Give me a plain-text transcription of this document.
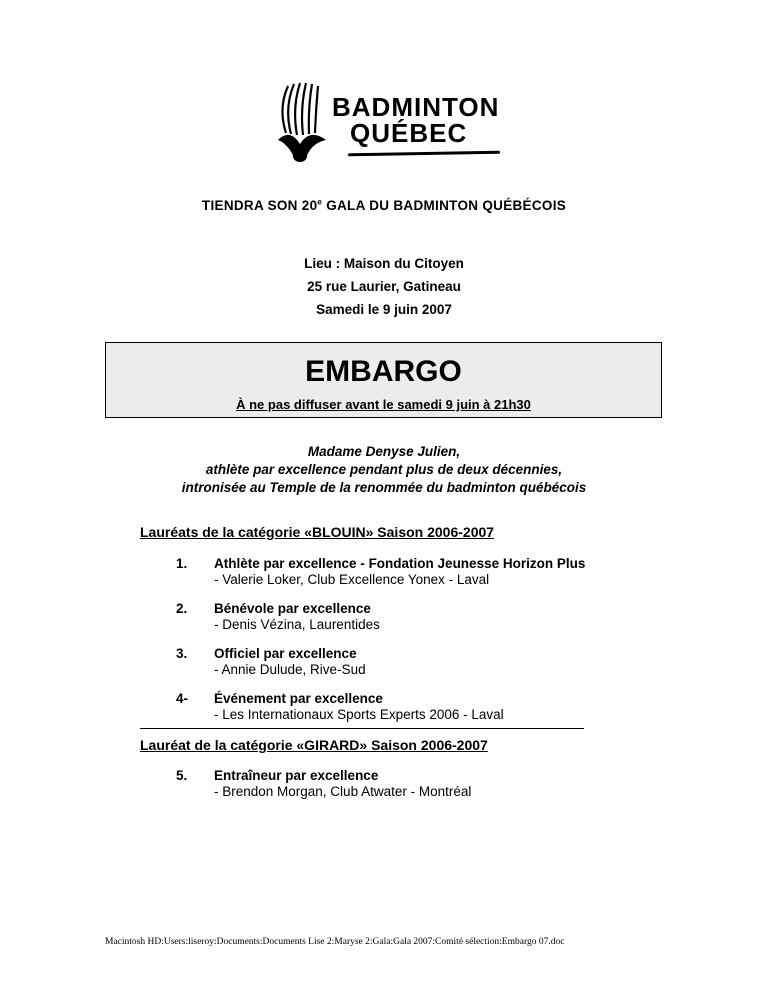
BADMINTON
QUÉBEC
TIENDRA SON 20e GALA DU BADMINTON QUÉBÉCOIS
Lieu : Maison du Citoyen
25 rue Laurier, Gatineau
Samedi le 9 juin 2007
EMBARGO
À ne pas diffuser avant le samedi 9 juin à 21h30
Madame Denyse Julien,
athlète par excellence pendant plus de deux décennies,
intronisée au Temple de la renommée du badminton québécois
Lauréats de la catégorie «BLOUIN» Saison 2006-2007
1. Athlète par excellence - Fondation Jeunesse Horizon Plus
- Valerie Loker, Club Excellence Yonex - Laval
2. Bénévole par excellence
- Denis Vézina, Laurentides
3. Officiel par excellence
- Annie Dulude, Rive-Sud
4- Événement par excellence
- Les Internationaux Sports Experts 2006 - Laval
Lauréat de la catégorie «GIRARD» Saison 2006-2007
5. Entraîneur par excellence
- Brendon Morgan, Club Atwater - Montréal
Macintosh HD:Users:liseroy:Documents:Documents Lise 2:Maryse 2:Gala:Gala 2007:Comité sélection:Embargo 07.doc
